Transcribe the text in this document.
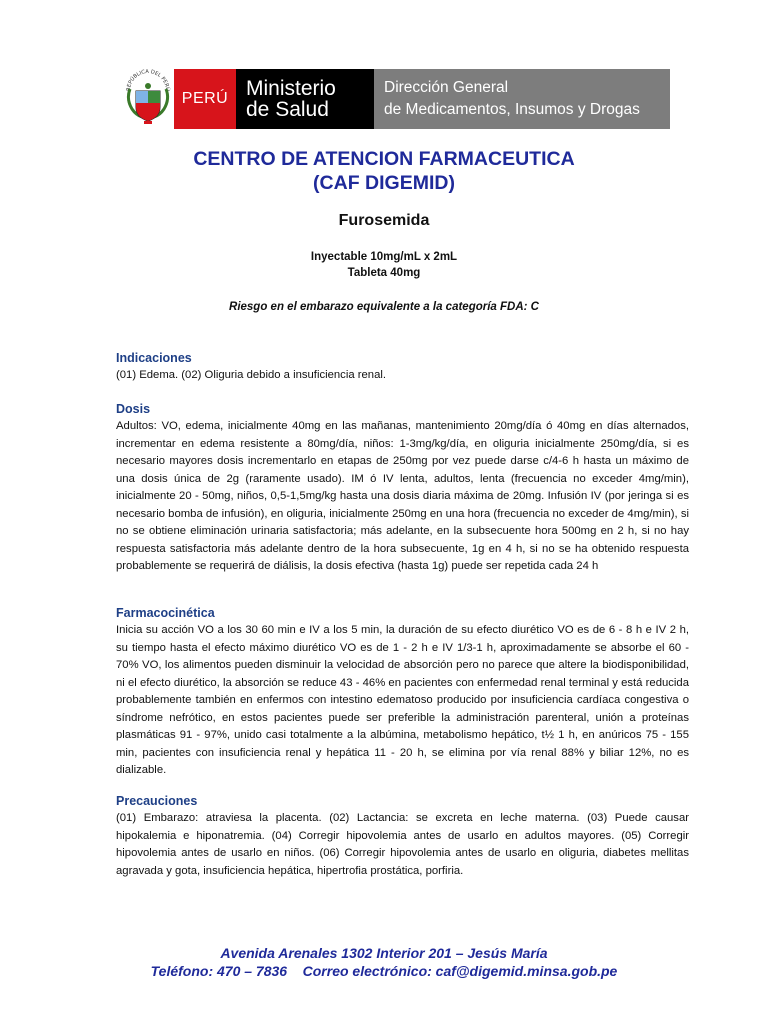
REPÚBLICA DEL PERÚ
PERÚ Ministerio
de Salud
Dirección General
de Medicamentos, Insumos y Drogas
CENTRO DE ATENCION FARMACEUTICA
(CAF DIGEMID)
Furosemida
Inyectable 10mg/mL x 2mL
Tableta 40mg
Riesgo en el embarazo equivalente a la categoría FDA: C
Indicaciones
(01) Edema. (02) Oliguria debido a insuficiencia renal.
Dosis
Adultos: VO, edema, inicialmente 40mg en las mañanas, mantenimiento 20mg/día ó 40mg en días alternados, incrementar en edema resistente a 80mg/día, niños: 1-3mg/kg/día, en oliguria inicialmente 250mg/día, si es necesario mayores dosis incrementarlo en etapas de 250mg por vez puede darse c/4-6 h hasta un máximo de una dosis única de 2g (raramente usado). IM ó IV lenta, adultos, lenta (frecuencia no exceder 4mg/min), inicialmente 20 - 50mg, niños, 0,5-1,5mg/kg hasta una dosis diaria máxima de 20mg. Infusión IV (por jeringa si es necesario bomba de infusión), en oliguria, inicialmente 250mg en una hora (frecuencia no exceder de 4mg/min), si no se obtiene eliminación urinaria satisfactoria; más adelante, en la subsecuente hora 500mg en 2 h, si no hay respuesta satisfactoria más adelante dentro de la hora subsecuente, 1g en 4 h, si no se ha obtenido respuesta probablemente se requerirá de diálisis, la dosis efectiva (hasta 1g) puede ser repetida cada 24 h
Farmacocinética
Inicia su acción VO a los 30 60 min e IV a los 5 min, la duración de su efecto diurético VO es de 6 - 8 h e IV 2 h, su tiempo hasta el efecto máximo diurético VO es de 1 - 2 h e IV 1/3-1 h, aproximadamente se absorbe el 60 - 70% VO, los alimentos pueden disminuir la velocidad de absorción pero no parece que altere la biodisponibilidad, ni el efecto diurético, la absorción se reduce 43 - 46% en pacientes con enfermedad renal terminal y está reducida probablemente también en enfermos con intestino edematoso producido por insuficiencia cardíaca congestiva o síndrome nefrótico, en estos pacientes puede ser preferible la administración parenteral, unión a proteínas plasmáticas 91 - 97%, unido casi totalmente a la albúmina, metabolismo hepático, t½ 1 h, en anúricos 75 - 155 min, pacientes con insuficiencia renal y hepática 11 - 20 h, se elimina por vía renal 88% y biliar 12%, no es dializable.
Precauciones
(01) Embarazo: atraviesa la placenta. (02) Lactancia: se excreta en leche materna. (03) Puede causar hipokalemia e hiponatremia. (04) Corregir hipovolemia antes de usarlo en adultos mayores. (05) Corregir hipovolemia antes de usarlo en niños. (06) Corregir hipovolemia antes de usarlo en oliguria, diabetes mellitas agravada y gota, insuficiencia hepática, hipertrofia prostática, porfiria.
Avenida Arenales 1302 Interior 201 – Jesús María
Teléfono: 470 – 7836 Correo electrónico: caf@digemid.minsa.gob.pe
